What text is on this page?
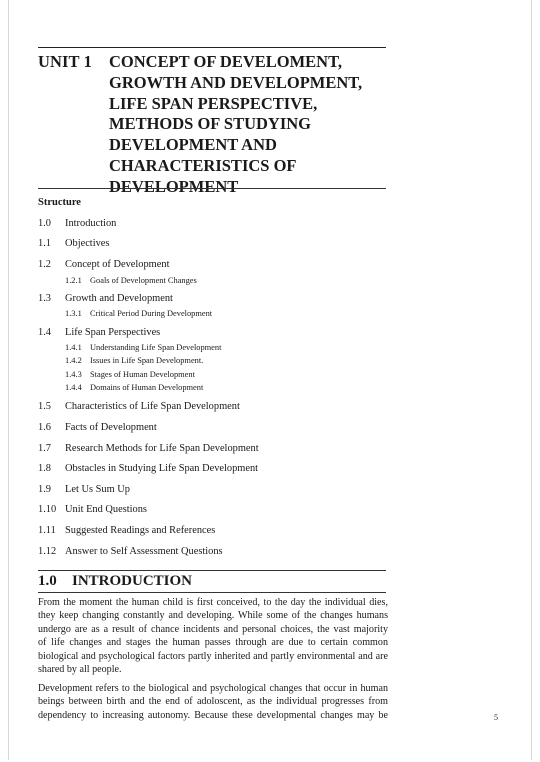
UNIT 1 CONCEPT OF DEVELOMENT,
GROWTH AND DEVELOPMENT,
LIFE SPAN PERSPECTIVE,
METHODS OF STUDYING
DEVELOPMENT AND
CHARACTERISTICS OF
DEVELOPMENT
Structure
1.0 Introduction
1.1 Objectives
1.2 Concept of Development
1.2.1 Goals of Development Changes
1.3 Growth and Development
1.3.1 Critical Period During Development
1.4 Life Span Perspectives
1.4.1 Understanding Life Span Development
1.4.2 Issues in Life Span Development.
1.4.3 Stages of Human Development
1.4.4 Domains of Human Development
1.5 Characteristics of Life Span Development
1.6 Facts of Development
1.7 Research Methods for Life Span Development
1.8 Obstacles in Studying Life Span Development
1.9 Let Us Sum Up
1.10 Unit End Questions
1.11 Suggested Readings and References
1.12 Answer to Self Assessment Questions
1.0 INTRODUCTION
From the moment the human child is first conceived, to the day the individual dies,
they keep changing constantly and developing. While some of the changes humans
undergo are as a result of chance incidents and personal choices, the vast majority
of life changes and stages the human passes through are due to certain common
biological and psychological factors partly inherited and partly environmental and are
shared by all people.
Development refers to the biological and psychological changes that occur in human
beings between birth and the end of adoloscent, as the individual progresses from
dependency to increasing autonomy. Because these developmental changes may be	5
